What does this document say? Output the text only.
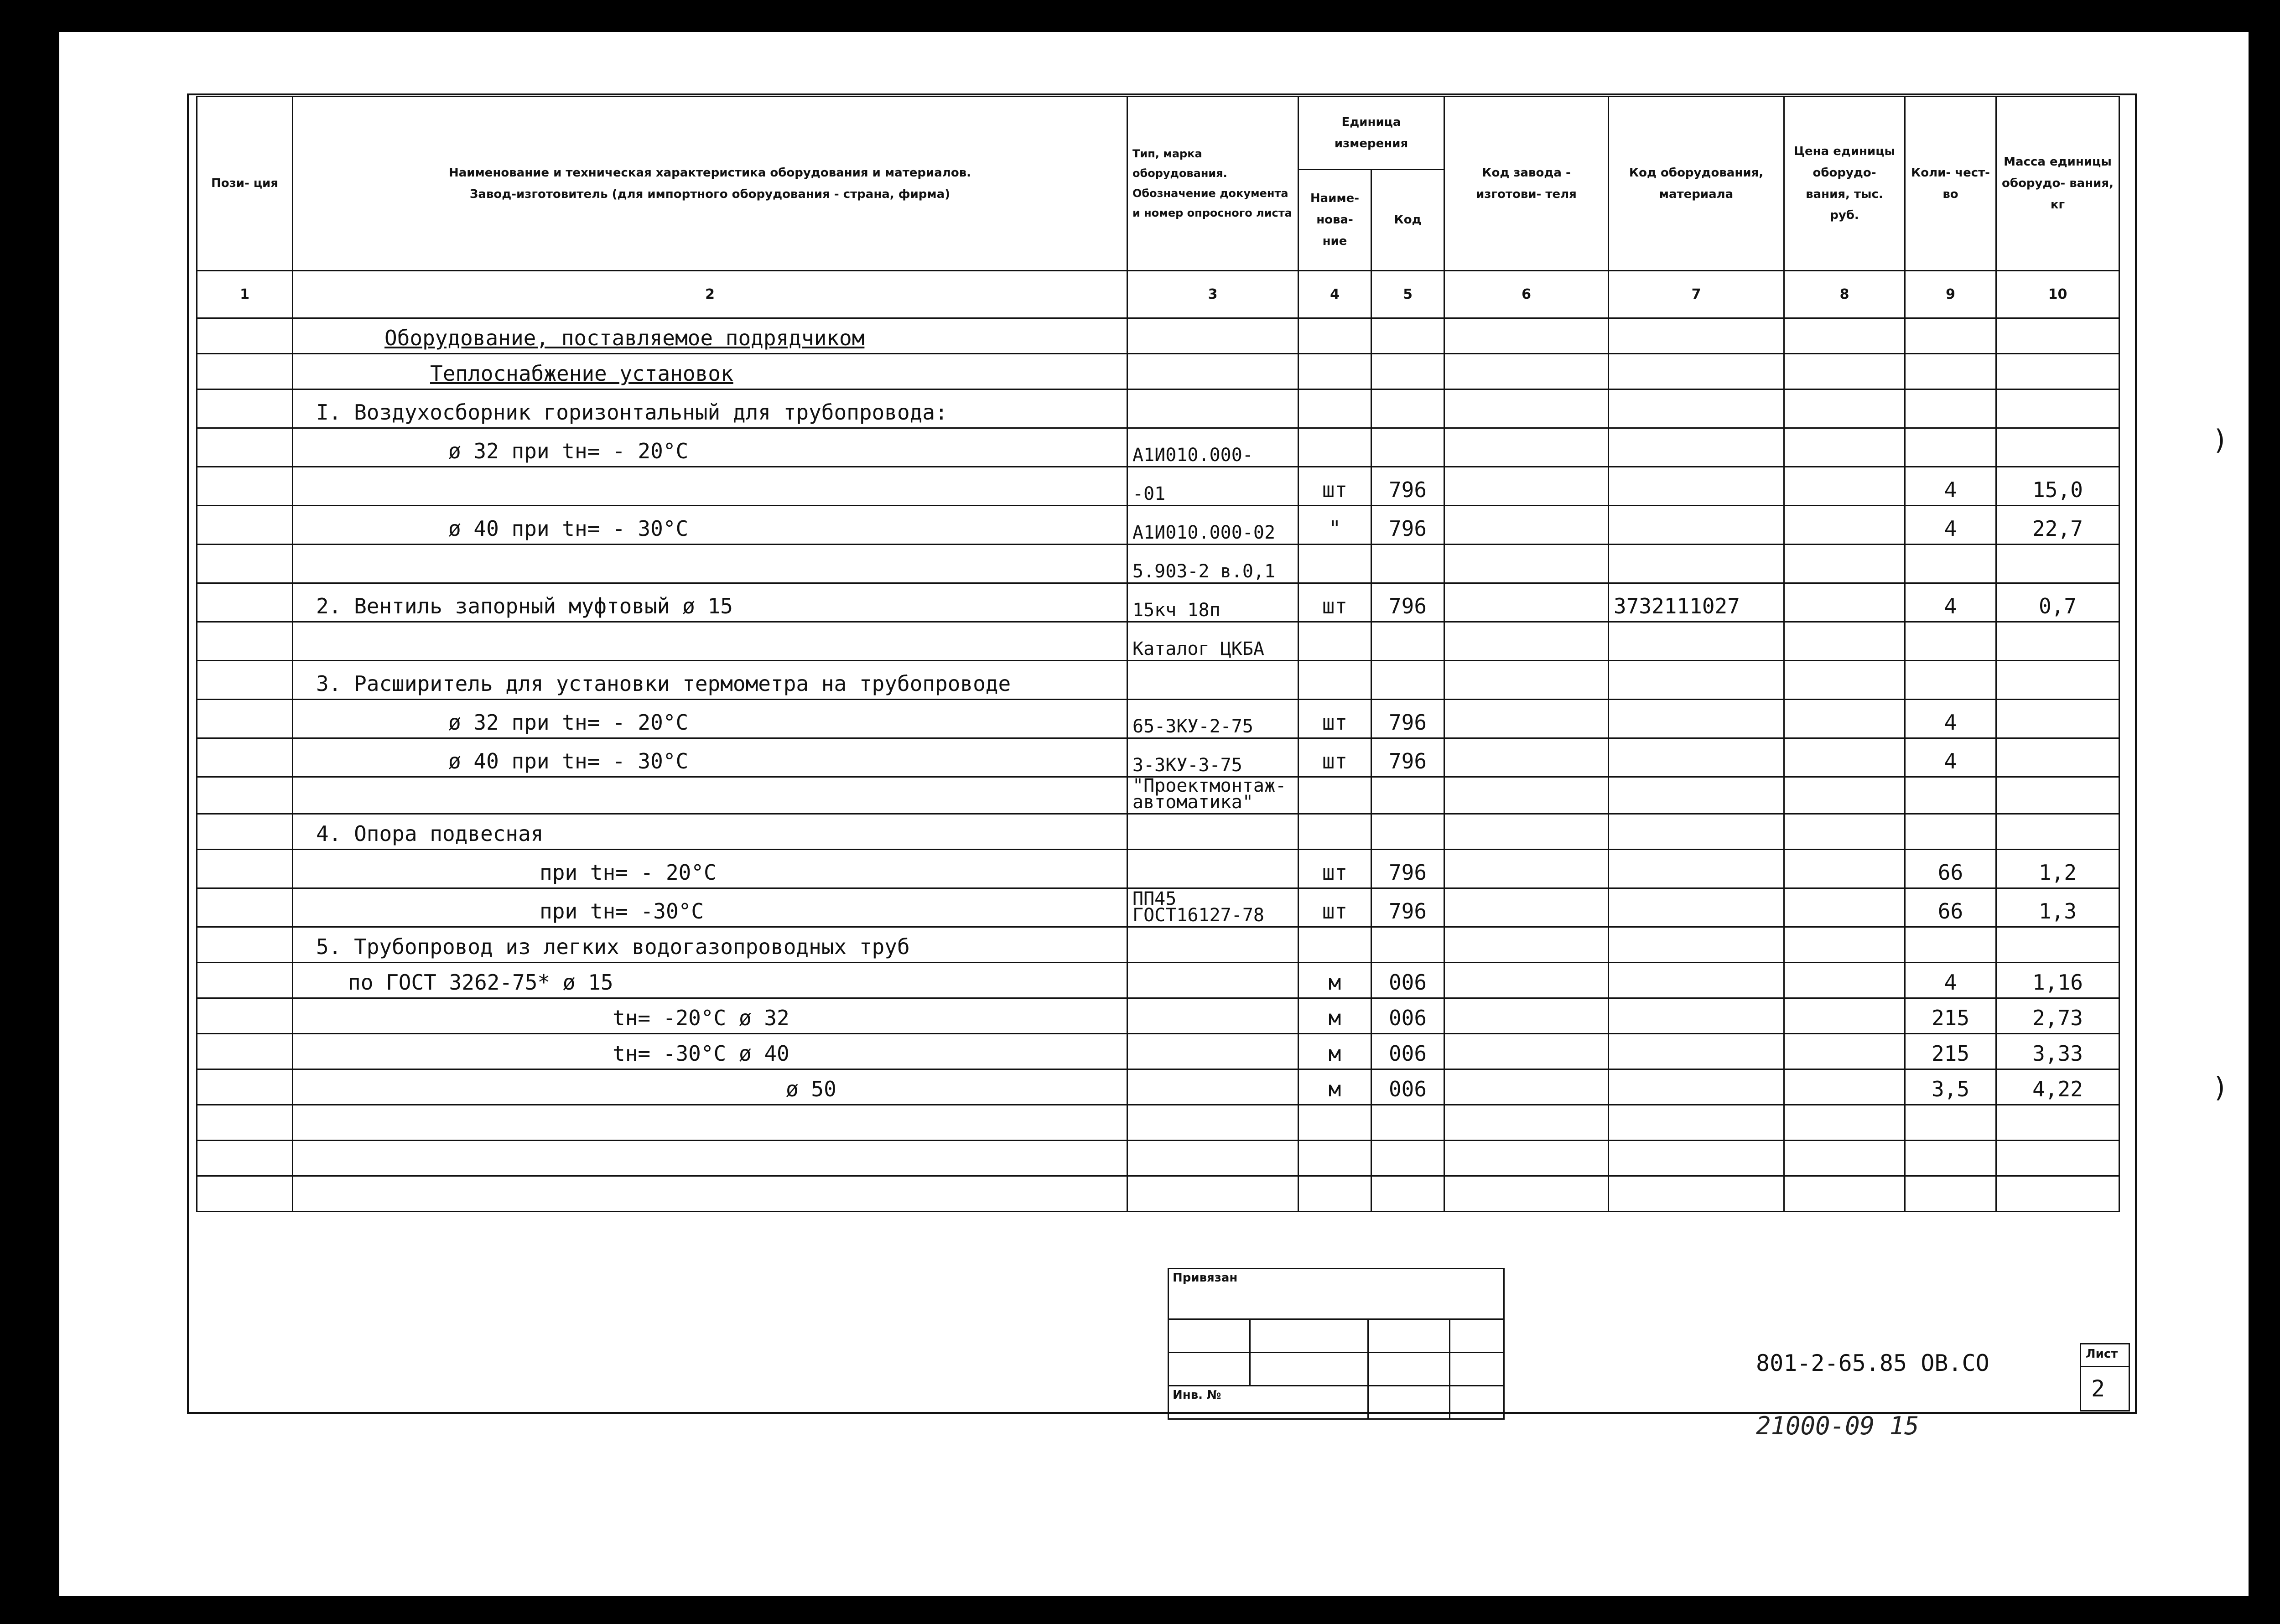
Пози- ция	Наименование и техническая характеристика оборудования и материалов.
Завод-изготовитель (для импортного оборудования - страна, фирма)	Тип, марка оборудования. Обозначение документа и номер опросного листа	Единица измерения		Код завода - изготови- теля	Код оборудования, материала	Цена единицы оборудо- вания, тыс. руб.	Коли- чест- во	Масса единицы оборудо- вания, кг
			Наиме- нова- ние	Код					
1	2	3	4	5	6	7	8	9	10
	Оборудование, поставляемое подрядчиком								
	Теплоснабжение установок								
	I. Воздухосборник горизонтальный для трубопровода:								
	ø 32 при tн= - 20°С	А1И010.000-							
		-01	шт	796				4	15,0
	ø 40 при tн= - 30°С	А1И010.000-02	"	796				4	22,7
		5.903-2 в.0,1							
	2. Вентиль запорный муфтовый ø 15	15кч 18п	шт	796		3732111027		4	0,7
		Каталог ЦКБА							
	3. Расширитель для установки термометра на трубопроводе								
	ø 32 при tн= - 20°С	65-3КУ-2-75	шт	796				4	
	ø 40 при tн= - 30°С	3-3КУ-3-75	шт	796				4	
		"Проектмонтаж- автоматика"							
	4. Опора подвесная								
	при tн= - 20°С		шт	796				66	1,2
	при tн= -30°С	ПП45 ГОСТ16127-78	шт	796				66	1,3
	5. Трубопровод из легких водогазопроводных труб								
	по ГОСТ 3262-75* ø 15		м	006				4	1,16
	tн= -20°С ø 32		м	006				215	2,73
	tн= -30°С ø 40		м	006				215	3,33
	ø 50		м	006				3,5	4,22

Привязан			

Инв. №			
801-2-65.85 ОВ.СО	Лист
2
21000-09 15
)
)
